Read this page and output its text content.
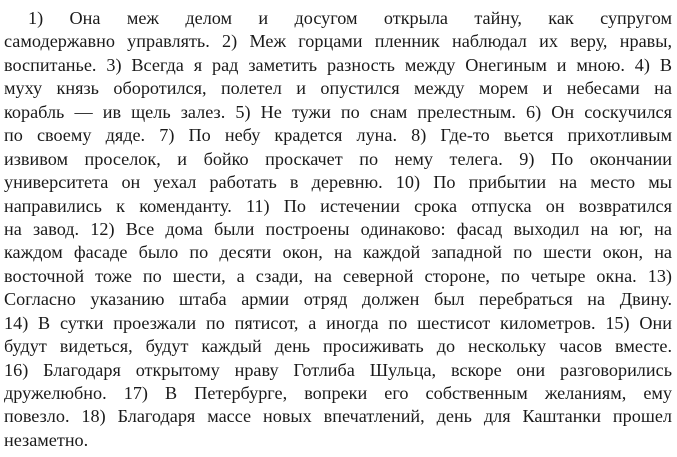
1) Она меж делом и досугом открыла тайну, как супругом
самодержавно управлять. 2) Меж горцами пленник наблюдал их веру, нравы,
воспитанье. 3) Всегда я рад заметить разность между Онегиным и мною. 4) В
муху князь оборотился, полетел и опустился между морем и небесами на
корабль — ив щель залез. 5) Не тужи по снам прелестным. 6) Он соскучился
по своему дяде. 7) По небу крадется луна. 8) Где-то вьется прихотливым
извивом проселок, и бойко проскачет по нему телега. 9) По окончании
университета он уехал работать в деревню. 10) По прибытии на место мы
направились к коменданту. 11) По истечении срока отпуска он возвратился
на завод. 12) Все дома были построены одинаково: фасад выходил на юг, на
каждом фасаде было по десяти окон, на каждой западной по шести окон, на
восточной тоже по шести, а сзади, на северной стороне, по четыре окна. 13)
Согласно указанию штаба армии отряд должен был перебраться на Двину.
14) В сутки проезжали по пятисот, а иногда по шестисот километров. 15) Они
будут видеться, будут каждый день просиживать до нескольку часов вместе.
16) Благодаря открытому нраву Готлиба Шульца, вскоре они разговорились
дружелюбно. 17) В Петербурге, вопреки его собственным желаниям, ему
повезло. 18) Благодаря массе новых впечатлений, день для Каштанки прошел
незаметно.
